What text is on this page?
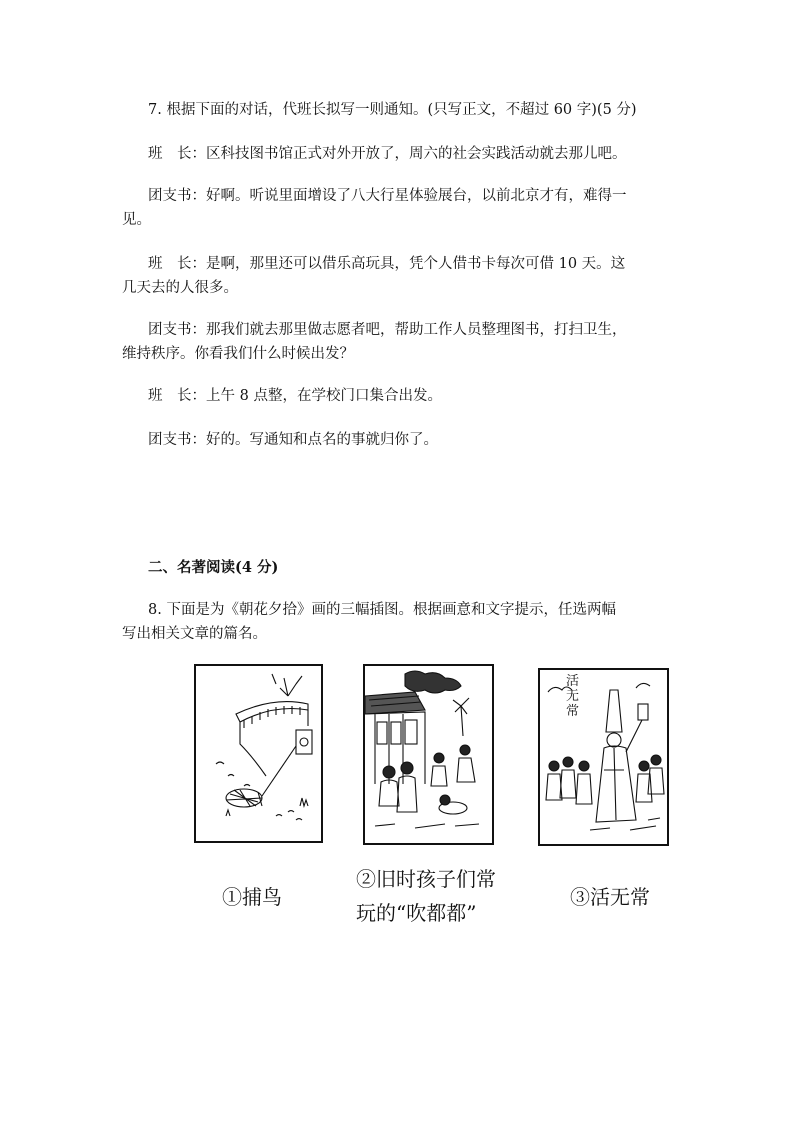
7. 根据下面的对话，代班长拟写一则通知。(只写正文，不超过 60 字)(5 分)
班　长：区科技图书馆正式对外开放了，周六的社会实践活动就去那儿吧。
团支书：好啊。听说里面增设了八大行星体验展台，以前北京才有，难得一
见。
班　长：是啊，那里还可以借乐高玩具，凭个人借书卡每次可借 10 天。这
几天去的人很多。
团支书：那我们就去那里做志愿者吧，帮助工作人员整理图书，打扫卫生，
维持秩序。你看我们什么时候出发？
班　长：上午 8 点整，在学校门口集合出发。
团支书：好的。写通知和点名的事就归你了。
二、名著阅读(4 分)
8. 下面是为《朝花夕拾》画的三幅插图。根据画意和文字提示，任选两幅
写出相关文章的篇名。
活
无
常
①捕鸟
②旧时孩子们常
玩的“吹都都”
③活无常
